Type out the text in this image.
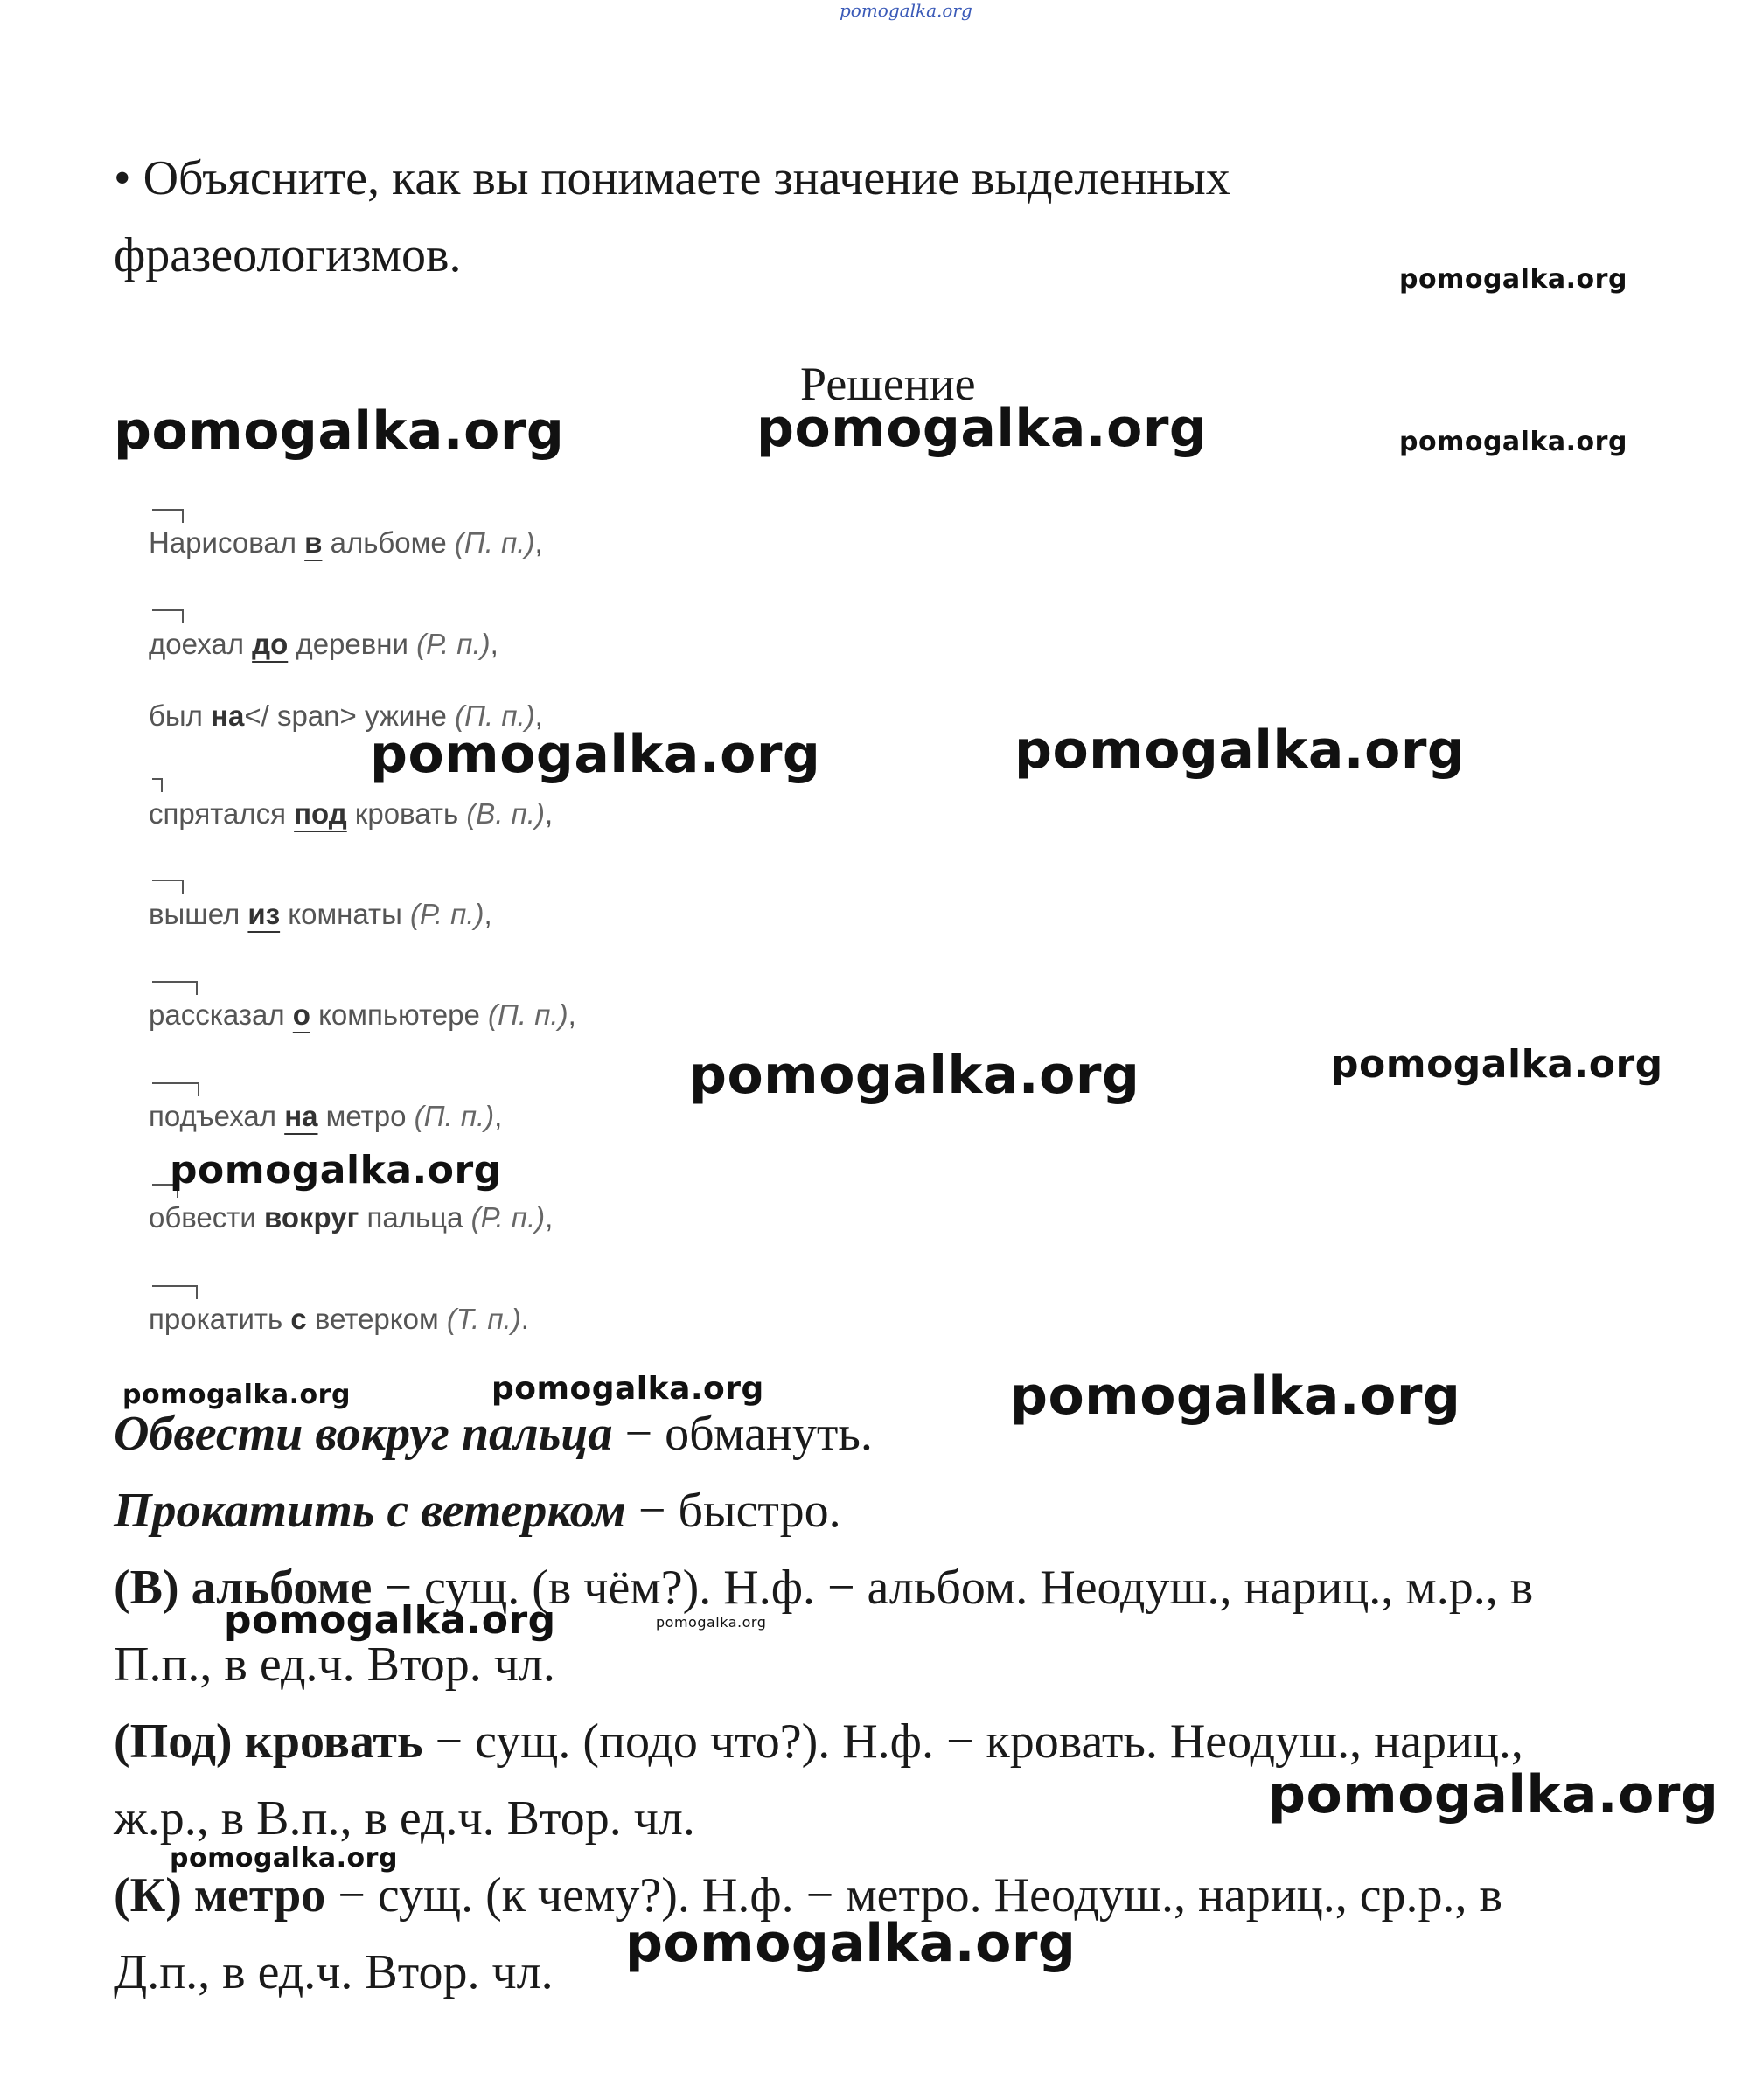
pomogalka.org
• Объясните, как вы понимаете значение выделенных
фразеологизмов.
Решение
Нарисовал в альбоме (П. п.),
доехал до деревни (Р. п.),
был на</ span> ужине (П. п.),
спрятался под кровать (В. п.),
вышел из комнаты (Р. п.),
рассказал о компьютере (П. п.),
подъехал на метро (П. п.),
обвести вокруг пальца (Р. п.),
прокатить с ветерком (Т. п.).
Обвести вокруг пальца − обмануть.
Прокатить с ветерком − быстро.
(В) альбоме − сущ. (в чём?). Н.ф. − альбом. Неодуш., нариц., м.р., в
П.п., в ед.ч. Втор. чл.
(Под) кровать − сущ. (подо что?). Н.ф. − кровать. Неодуш., нариц.,
ж.р., в В.п., в ед.ч. Втор. чл.
(К) метро − сущ. (к чему?). Н.ф. − метро. Неодуш., нариц., ср.р., в
Д.п., в ед.ч. Втор. чл.
pomogalka.org
pomogalka.org	pomogalka.org	pomogalka.org
pomogalka.org	pomogalka.org
pomogalka.org	pomogalka.org
pomogalka.org
pomogalka.org	pomogalka.org	pomogalka.org
pomogalka.org	pomogalka.org
pomogalka.org
pomogalka.org
pomogalka.org
